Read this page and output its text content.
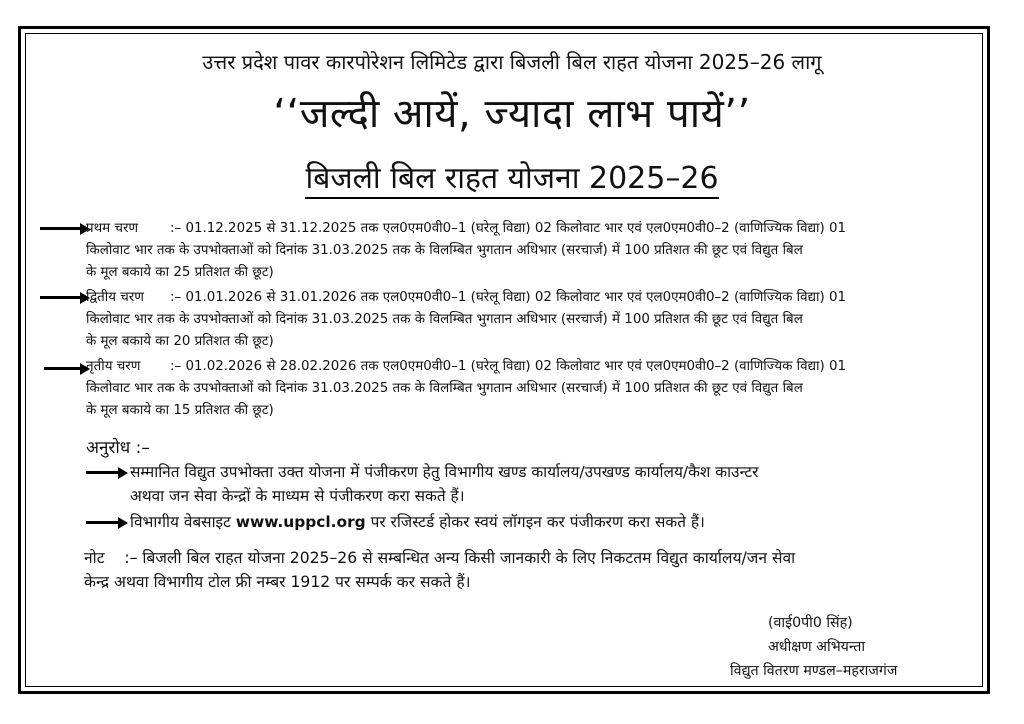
उत्तर प्रदेश पावर कारपोरेशन लिमिटेड द्वारा बिजली बिल राहत योजना 2025–26 लागू
‘‘जल्दी आयें, ज्यादा लाभ पायें’’
बिजली बिल राहत योजना 2025–26
प्रथम चरण :– 01.12.2025 से 31.12.2025 तक एल0एम0वी0–1 (घरेलू विद्या) 02 किलोवाट भार एवं एल0एम0वी0–2 (वाणिज्यिक विद्या) 01
किलोवाट भार तक के उपभोक्ताओं को दिनांक 31.03.2025 तक के विलम्बित भुगतान अधिभार (सरचार्ज) में 100 प्रतिशत की छूट एवं विद्युत बिल
के मूल बकाये का 25 प्रतिशत की छूट)
द्वितीय चरण :– 01.01.2026 से 31.01.2026 तक एल0एम0वी0–1 (घरेलू विद्या) 02 किलोवाट भार एवं एल0एम0वी0–2 (वाणिज्यिक विद्या) 01
किलोवाट भार तक के उपभोक्ताओं को दिनांक 31.03.2025 तक के विलम्बित भुगतान अधिभार (सरचार्ज) में 100 प्रतिशत की छूट एवं विद्युत बिल
के मूल बकाये का 20 प्रतिशत की छूट)
तृतीय चरण :– 01.02.2026 से 28.02.2026 तक एल0एम0वी0–1 (घरेलू विद्या) 02 किलोवाट भार एवं एल0एम0वी0–2 (वाणिज्यिक विद्या) 01
किलोवाट भार तक के उपभोक्ताओं को दिनांक 31.03.2025 तक के विलम्बित भुगतान अधिभार (सरचार्ज) में 100 प्रतिशत की छूट एवं विद्युत बिल
के मूल बकाये का 15 प्रतिशत की छूट)
अनुरोध :–
सम्मानित विद्युत उपभोक्ता उक्त योजना में पंजीकरण हेतु विभागीय खण्ड कार्यालय/उपखण्ड कार्यालय/कैश काउन्टर
अथवा जन सेवा केन्द्रों के माध्यम से पंजीकरण करा सकते हैं।
विभागीय वेबसाइट www.uppcl.org पर रजिस्टर्ड होकर स्वयं लॉगइन कर पंजीकरण करा सकते हैं।
नोट    :– बिजली बिल राहत योजना 2025–26 से सम्बन्धित अन्य किसी जानकारी के लिए निकटतम विद्युत कार्यालय/जन सेवा
केन्द्र अथवा विभागीय टोल फ्री नम्बर 1912 पर सम्पर्क कर सकते हैं।
(वाई0पी0 सिंह)
अधीक्षण अभियन्ता
विद्युत वितरण मण्डल–महराजगंज
